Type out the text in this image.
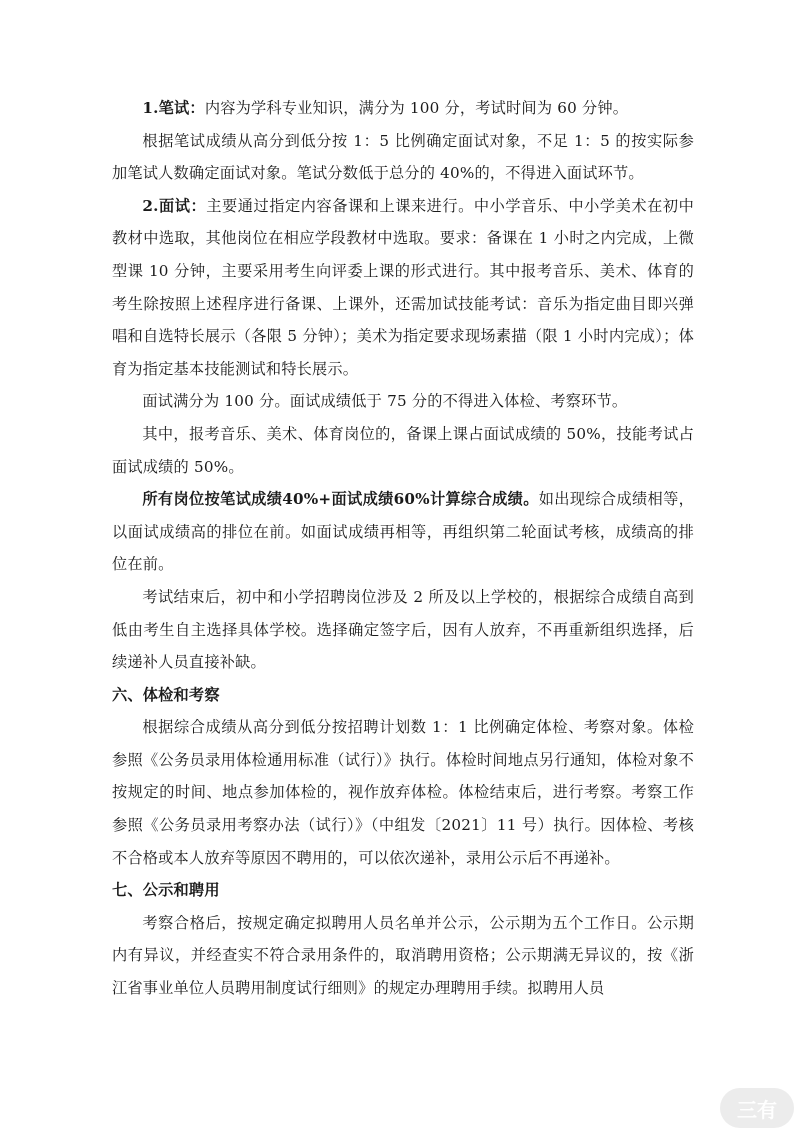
1.笔试：内容为学科专业知识，满分为 100 分，考试时间为 60 分钟。

根据笔试成绩从高分到低分按 1：5 比例确定面试对象，不足 1：5 的按实际参加笔试人数确定面试对象。笔试分数低于总分的 40%的，不得进入面试环节。

2.面试：主要通过指定内容备课和上课来进行。中小学音乐、中小学美术在初中教材中选取，其他岗位在相应学段教材中选取。要求：备课在 1 小时之内完成，上微型课 10 分钟，主要采用考生向评委上课的形式进行。其中报考音乐、美术、体育的考生除按照上述程序进行备课、上课外，还需加试技能考试：音乐为指定曲目即兴弹唱和自选特长展示（各限 5 分钟）；美术为指定要求现场素描（限 1 小时内完成）；体育为指定基本技能测试和特长展示。

面试满分为 100 分。面试成绩低于 75 分的不得进入体检、考察环节。

其中，报考音乐、美术、体育岗位的，备课上课占面试成绩的 50%，技能考试占面试成绩的 50%。

所有岗位按笔试成绩40%+面试成绩60%计算综合成绩。如出现综合成绩相等，以面试成绩高的排位在前。如面试成绩再相等，再组织第二轮面试考核，成绩高的排位在前。

考试结束后，初中和小学招聘岗位涉及 2 所及以上学校的，根据综合成绩自高到低由考生自主选择具体学校。选择确定签字后，因有人放弃，不再重新组织选择，后续递补人员直接补缺。

六、体检和考察

根据综合成绩从高分到低分按招聘计划数 1：1 比例确定体检、考察对象。体检参照《公务员录用体检通用标准（试行）》执行。体检时间地点另行通知，体检对象不按规定的时间、地点参加体检的，视作放弃体检。体检结束后，进行考察。考察工作参照《公务员录用考察办法（试行）》（中组发〔2021〕11 号）执行。因体检、考核不合格或本人放弃等原因不聘用的，可以依次递补，录用公示后不再递补。

七、公示和聘用

考察合格后，按规定确定拟聘用人员名单并公示，公示期为五个工作日。公示期内有异议，并经查实不符合录用条件的，取消聘用资格；公示期满无异议的，按《浙江省事业单位人员聘用制度试行细则》的规定办理聘用手续。拟聘用人员

三有
